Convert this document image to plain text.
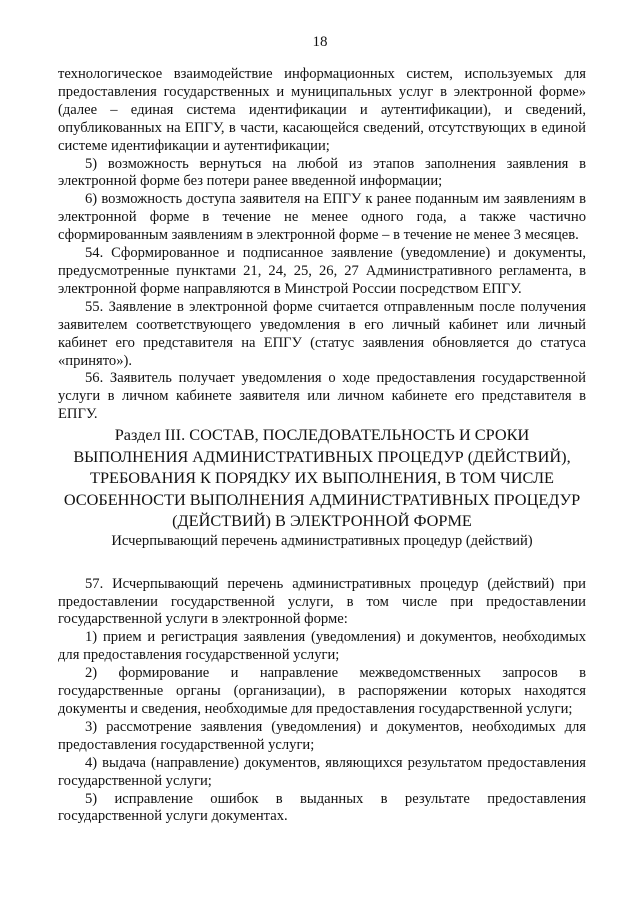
18

технологическое взаимодействие информационных систем, используемых для предоставления государственных и муниципальных услуг в электронной форме» (далее – единая система идентификации и аутентификации), и сведений, опубликованных на ЕПГУ, в части, касающейся сведений, отсутствующих в единой системе идентификации и аутентификации;

5) возможность вернуться на любой из этапов заполнения заявления в электронной форме без потери ранее введенной информации;

6) возможность доступа заявителя на ЕПГУ к ранее поданным им заявлениям в электронной форме в течение не менее одного года, а также частично сформированным заявлениям в электронной форме – в течение не менее 3 месяцев.

54. Сформированное и подписанное заявление (уведомление) и документы, предусмотренные пунктами 21, 24, 25, 26, 27 Административного регламента, в электронной форме направляются в Минстрой России посредством ЕПГУ.

55. Заявление в электронной форме считается отправленным после получения заявителем соответствующего уведомления в его личный кабинет или личный кабинет его представителя на ЕПГУ (статус заявления обновляется до статуса «принято»).

56. Заявитель получает уведомления о ходе предоставления государственной услуги в личном кабинете заявителя или личном кабинете его представителя в ЕПГУ.

Раздел III. СОСТАВ, ПОСЛЕДОВАТЕЛЬНОСТЬ И СРОКИ ВЫПОЛНЕНИЯ АДМИНИСТРАТИВНЫХ ПРОЦЕДУР (ДЕЙСТВИЙ), ТРЕБОВАНИЯ К ПОРЯДКУ ИХ ВЫПОЛНЕНИЯ, В ТОМ ЧИСЛЕ ОСОБЕННОСТИ ВЫПОЛНЕНИЯ АДМИНИСТРАТИВНЫХ ПРОЦЕДУР (ДЕЙСТВИЙ) В ЭЛЕКТРОННОЙ ФОРМЕ

Исчерпывающий перечень административных процедур (действий)

57. Исчерпывающий перечень административных процедур (действий) при предоставлении государственной услуги, в том числе при предоставлении государственной услуги в электронной форме:

1) прием и регистрация заявления (уведомления) и документов, необходимых для предоставления государственной услуги;

2) формирование и направление межведомственных запросов в государственные органы (организации), в распоряжении которых находятся документы и сведения, необходимые для предоставления государственной услуги;

3) рассмотрение заявления (уведомления) и документов, необходимых для предоставления государственной услуги;

4) выдача (направление) документов, являющихся результатом предоставления государственной услуги;

5) исправление ошибок в выданных в результате предоставления государственной услуги документах.
